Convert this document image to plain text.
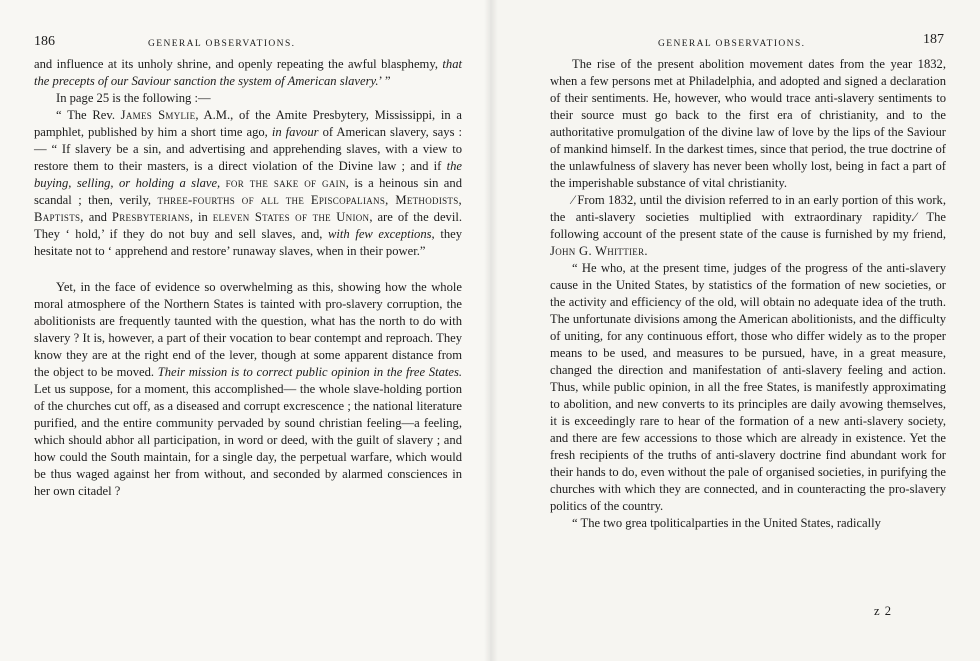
186	GENERAL OBSERVATIONS.

and influence at its unholy shrine, and openly repeating the awful blasphemy, that the precepts of our Saviour sanction the system of American slavery.’ ”

In page 25 is the following :—

“ The Rev. James Smylie, A.M., of the Amite Presbytery, Mississippi, in a pamphlet, published by him a short time ago, in favour of American slavery, says : — “ If slavery be a sin, and advertising and apprehending slaves, with a view to restore them to their masters, is a direct violation of the Divine law ; and if the buying, selling, or holding a slave, for the sake of gain, is a heinous sin and scandal ; then, verily, three-fourths of all the Episcopalians, Methodists, Baptists, and Presbyterians, in eleven States of the Union, are of the devil. They ‘ hold,’ if they do not buy and sell slaves, and, with few exceptions, they hesitate not to ‘ apprehend and restore’ runaway slaves, when in their power.”

Yet, in the face of evidence so overwhelming as this, showing how the whole moral atmosphere of the Northern States is tainted with pro-slavery corruption, the abolitionists are frequently taunted with the question, what has the north to do with slavery ? It is, however, a part of their vocation to bear contempt and reproach. They know they are at the right end of the lever, though at some apparent distance from the object to be moved. Their mission is to correct public opinion in the free States. Let us suppose, for a moment, this accomplished— the whole slave-holding portion of the churches cut off, as a diseased and corrupt excrescence ; the national literature purified, and the entire community pervaded by sound christian feeling—a feeling, which should abhor all participation, in word or deed, with the guilt of slavery ; and how could the South maintain, for a single day, the perpetual warfare, which would be thus waged against her from without, and seconded by alarmed consciences in her own citadel ?

GENERAL OBSERVATIONS.	187

The rise of the present abolition movement dates from the year 1832, when a few persons met at Philadelphia, and adopted and signed a declaration of their sentiments. He, however, who would trace anti-slavery sentiments to their source must go back to the first era of christianity, and to the authoritative promulgation of the divine law of love by the lips of the Saviour of mankind himself. In the darkest times, since that period, the true doctrine of the unlawfulness of slavery has never been wholly lost, being in fact a part of the imperishable substance of vital christianity.

⁄ From 1832, until the division referred to in an early portion of this work, the anti-slavery societies multiplied with extraordinary rapidity.⁄ The following account of the present state of the cause is furnished by my friend, John G. Whittier.

“ He who, at the present time, judges of the progress of the anti-slavery cause in the United States, by statistics of the formation of new societies, or the activity and efficiency of the old, will obtain no adequate idea of the truth. The unfortunate divisions among the American abolitionists, and the difficulty of uniting, for any continuous effort, those who differ widely as to the proper means to be used, and measures to be pursued, have, in a great measure, changed the direction and manifestation of anti-slavery feeling and action. Thus, while public opinion, in all the free States, is manifestly approximating to abolition, and new converts to its principles are daily avowing themselves, it is exceedingly rare to hear of the formation of a new anti-slavery society, and there are few accessions to those which are already in existence. Yet the fresh recipients of the truths of anti-slavery doctrine find abundant work for their hands to do, even without the pale of organised societies, in purifying the churches with which they are connected, and in counteracting the pro-slavery politics of the country.

“ The two grea tpoliticalparties in the United States, radically

z 2
